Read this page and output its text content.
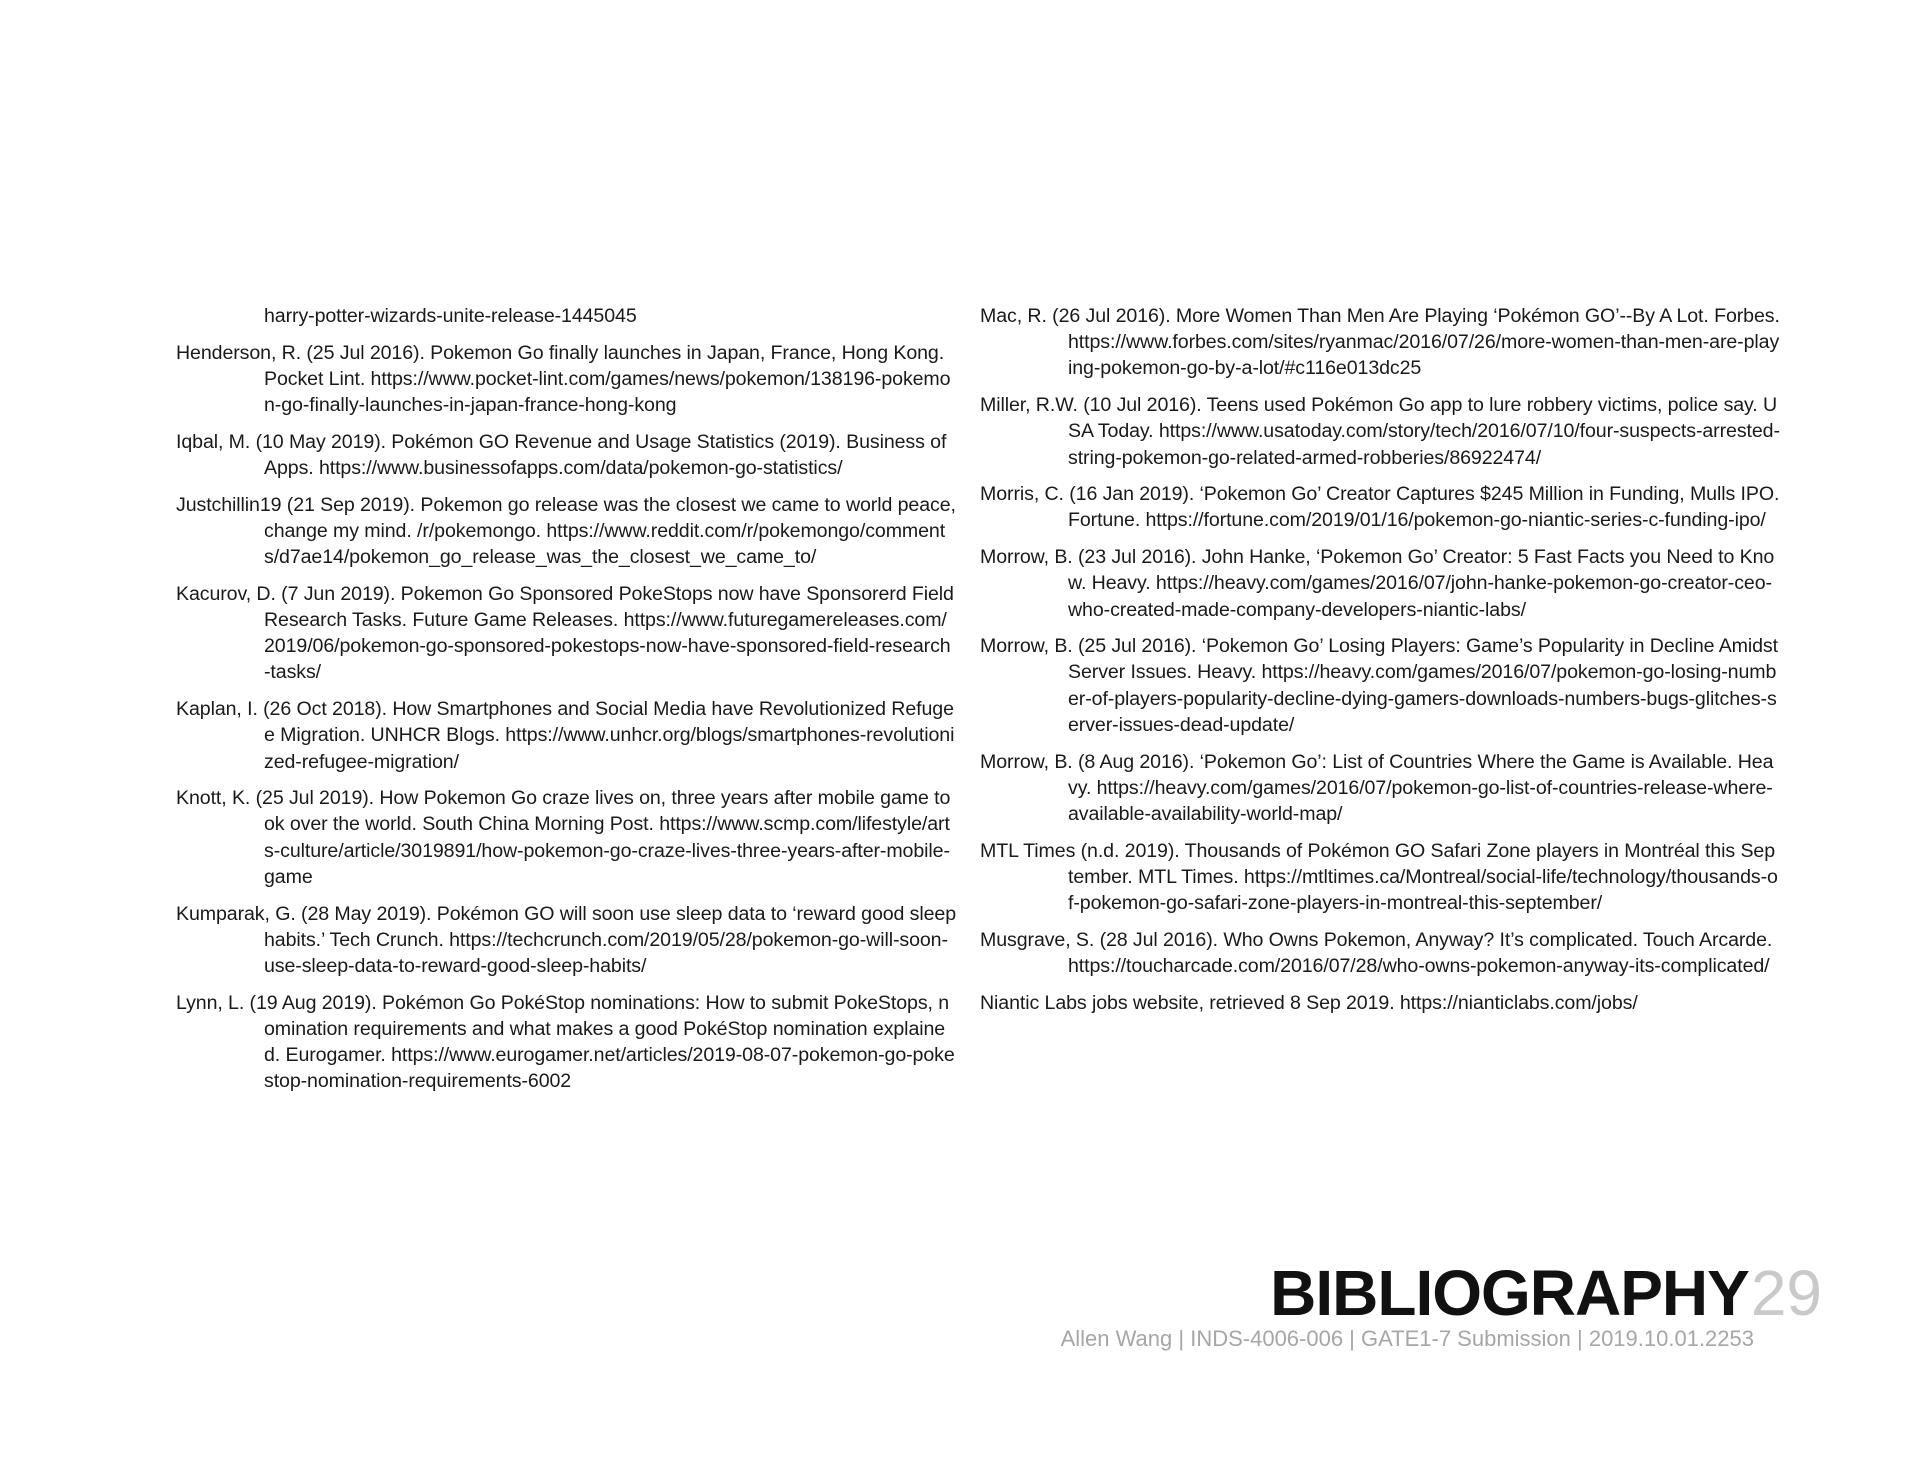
harry-potter-wizards-unite-release-1445045

Henderson, R. (25 Jul 2016). Pokemon Go finally launches in Japan, France, Hong Kong. Pocket Lint. https://www.pocket-lint.com/games/news/pokemon/138196-pokemon-go-finally-launches-in-japan-france-hong-kong

Iqbal, M. (10 May 2019). Pokémon GO Revenue and Usage Statistics (2019). Business of Apps. https://www.businessofapps.com/data/pokemon-go-statistics/

Justchillin19 (21 Sep 2019). Pokemon go release was the closest we came to world peace, change my mind. /r/pokemongo. https://www.reddit.com/r/pokemongo/comments/d7ae14/pokemon_go_release_was_the_closest_we_came_to/

Kacurov, D. (7 Jun 2019). Pokemon Go Sponsored PokeStops now have Sponsorerd Field Research Tasks. Future Game Releases. https://www.futuregamereleases.com/2019/06/pokemon-go-sponsored-pokestops-now-have-sponsored-field-research-tasks/

Kaplan, I. (26 Oct 2018). How Smartphones and Social Media have Revolutionized Refugee Migration. UNHCR Blogs. https://www.unhcr.org/blogs/smartphones-revolutionized-refugee-migration/

Knott, K. (25 Jul 2019). How Pokemon Go craze lives on, three years after mobile game took over the world. South China Morning Post. https://www.scmp.com/lifestyle/arts-culture/article/3019891/how-pokemon-go-craze-lives-three-years-after-mobile-game

Kumparak, G. (28 May 2019). Pokémon GO will soon use sleep data to ‘reward good sleep habits.’ Tech Crunch. https://techcrunch.com/2019/05/28/pokemon-go-will-soon-use-sleep-data-to-reward-good-sleep-habits/

Lynn, L. (19 Aug 2019). Pokémon Go PokéStop nominations: How to submit PokeStops, nomination requirements and what makes a good PokéStop nomination explained. Eurogamer. https://www.eurogamer.net/articles/2019-08-07-pokemon-go-pokestop-nomination-requirements-6002

Mac, R. (26 Jul 2016). More Women Than Men Are Playing ‘Pokémon GO’--By A Lot. Forbes. https://www.forbes.com/sites/ryanmac/2016/07/26/more-women-than-men-are-playing-pokemon-go-by-a-lot/#c116e013dc25

Miller, R.W. (10 Jul 2016). Teens used Pokémon Go app to lure robbery victims, police say. USA Today. https://www.usatoday.com/story/tech/2016/07/10/four-suspects-arrested-string-pokemon-go-related-armed-robberies/86922474/

Morris, C. (16 Jan 2019). ‘Pokemon Go’ Creator Captures $245 Million in Funding, Mulls IPO. Fortune. https://fortune.com/2019/01/16/pokemon-go-niantic-series-c-funding-ipo/

Morrow, B. (23 Jul 2016). John Hanke, ‘Pokemon Go’ Creator: 5 Fast Facts you Need to Know. Heavy. https://heavy.com/games/2016/07/john-hanke-pokemon-go-creator-ceo-who-created-made-company-developers-niantic-labs/

Morrow, B. (25 Jul 2016). ‘Pokemon Go’ Losing Players: Game’s Popularity in Decline Amidst Server Issues. Heavy. https://heavy.com/games/2016/07/pokemon-go-losing-number-of-players-popularity-decline-dying-gamers-downloads-numbers-bugs-glitches-server-issues-dead-update/

Morrow, B. (8 Aug 2016). ‘Pokemon Go’: List of Countries Where the Game is Available. Heavy. https://heavy.com/games/2016/07/pokemon-go-list-of-countries-release-where-available-availability-world-map/

MTL Times (n.d. 2019). Thousands of Pokémon GO Safari Zone players in Montréal this September. MTL Times. https://mtltimes.ca/Montreal/social-life/technology/thousands-of-pokemon-go-safari-zone-players-in-montreal-this-september/

Musgrave, S. (28 Jul 2016). Who Owns Pokemon, Anyway? It’s complicated. Touch Arcarde. https://toucharcade.com/2016/07/28/who-owns-pokemon-anyway-its-complicated/

Niantic Labs jobs website, retrieved 8 Sep 2019. https://nianticlabs.com/jobs/

BIBLIOGRAPHY29
Allen Wang | INDS-4006-006 | GATE1-7 Submission | 2019.10.01.2253
